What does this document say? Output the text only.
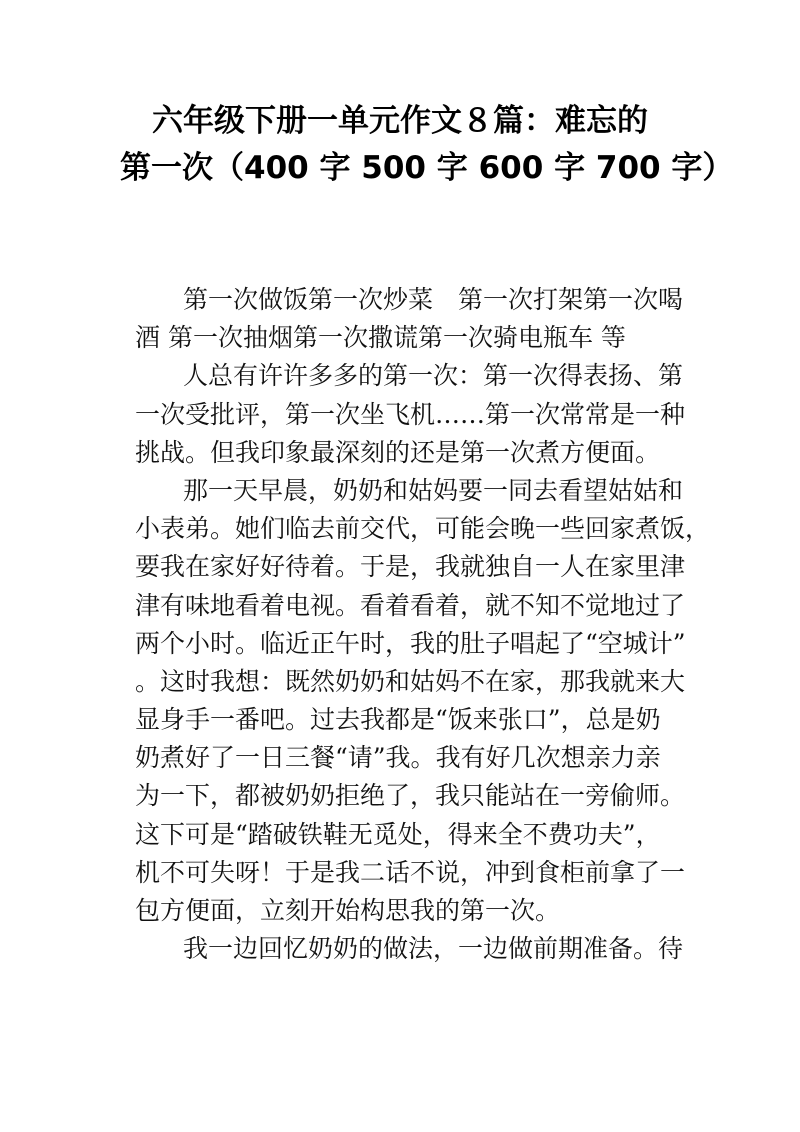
六年级下册一单元作文８篇：难忘的
第一次（400 字 500 字 600 字 700 字）
第一次做饭第一次炒菜　第一次打架第一次喝
酒 第一次抽烟第一次撒谎第一次骑电瓶车 等
人总有许许多多的第一次：第一次得表扬、第
一次受批评，第一次坐飞机……第一次常常是一种
挑战。但我印象最深刻的还是第一次煮方便面。
那一天早晨，奶奶和姑妈要一同去看望姑姑和
小表弟。她们临去前交代，可能会晚一些回家煮饭，
要我在家好好待着。于是，我就独自一人在家里津
津有味地看着电视。看着看着，就不知不觉地过了
两个小时。临近正午时，我的肚子唱起了“空城计”
。这时我想：既然奶奶和姑妈不在家，那我就来大
显身手一番吧。过去我都是“饭来张口”，总是奶
奶煮好了一日三餐“请”我。我有好几次想亲力亲
为一下，都被奶奶拒绝了，我只能站在一旁偷师。
这下可是“踏破铁鞋无觅处，得来全不费功夫”，
机不可失呀！于是我二话不说，冲到食柜前拿了一
包方便面，立刻开始构思我的第一次。
我一边回忆奶奶的做法，一边做前期准备。待
